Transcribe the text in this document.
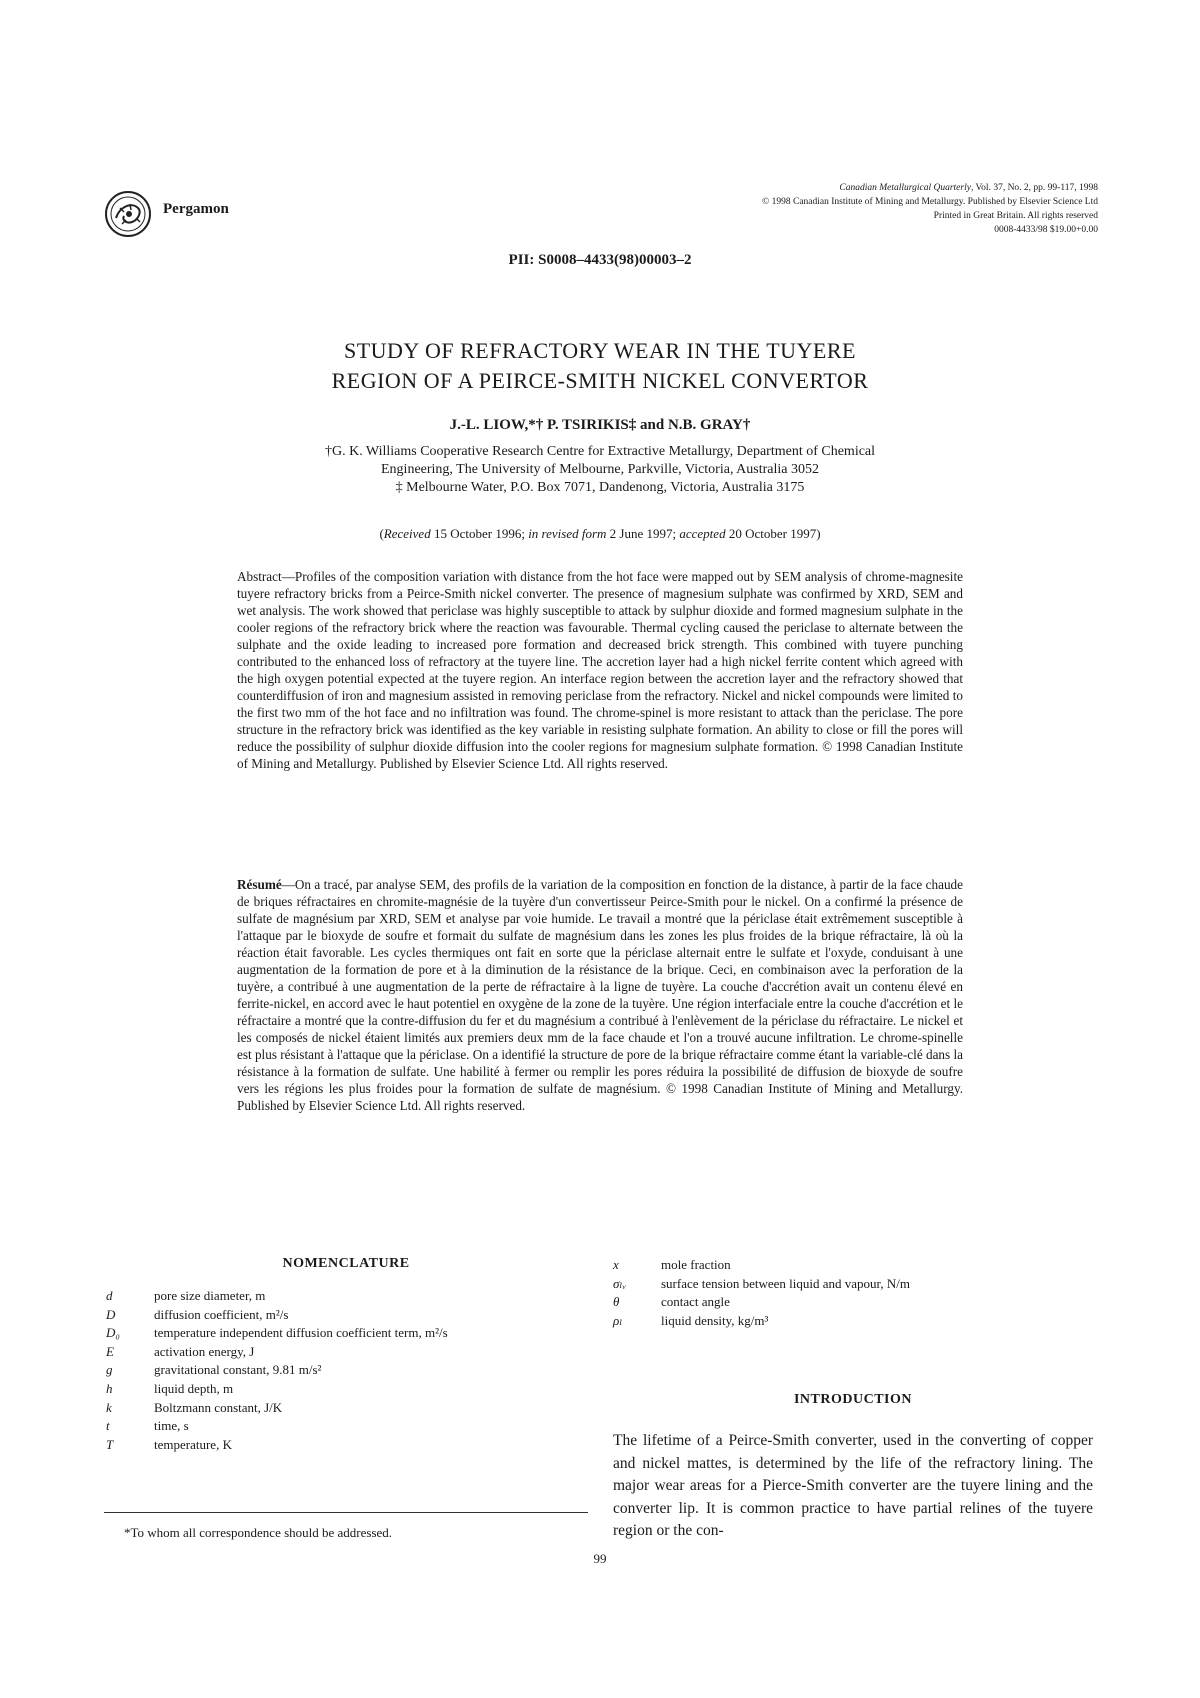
Pergamon
Canadian Metallurgical Quarterly, Vol. 37, No. 2, pp. 99-117, 1998
© 1998 Canadian Institute of Mining and Metallurgy. Published by Elsevier Science Ltd
Printed in Great Britain. All rights reserved
0008-4433/98 $19.00+0.00
PII: S0008–4433(98)00003–2
STUDY OF REFRACTORY WEAR IN THE TUYERE
REGION OF A PEIRCE-SMITH NICKEL CONVERTOR
J.-L. LIOW,*† P. TSIRIKIS‡ and N.B. GRAY†
†G. K. Williams Cooperative Research Centre for Extractive Metallurgy, Department of Chemical
Engineering, The University of Melbourne, Parkville, Victoria, Australia 3052
‡ Melbourne Water, P.O. Box 7071, Dandenong, Victoria, Australia 3175
(Received 15 October 1996; in revised form 2 June 1997; accepted 20 October 1997)

Abstract—Profiles of the composition variation with distance from the hot face were mapped out by SEM analysis of chrome-magnesite tuyere refractory bricks from a Peirce-Smith nickel converter. The presence of magnesium sulphate was confirmed by XRD, SEM and wet analysis. The work showed that periclase was highly susceptible to attack by sulphur dioxide and formed magnesium sulphate in the cooler regions of the refractory brick where the reaction was favourable. Thermal cycling caused the periclase to alternate between the sulphate and the oxide leading to increased pore formation and decreased brick strength. This combined with tuyere punching contributed to the enhanced loss of refractory at the tuyere line. The accretion layer had a high nickel ferrite content which agreed with the high oxygen potential expected at the tuyere region. An interface region between the accretion layer and the refractory showed that counterdiffusion of iron and magnesium assisted in removing periclase from the refractory. Nickel and nickel compounds were limited to the first two mm of the hot face and no infiltration was found. The chrome-spinel is more resistant to attack than the periclase. The pore structure in the refractory brick was identified as the key variable in resisting sulphate formation. An ability to close or fill the pores will reduce the possibility of sulphur dioxide diffusion into the cooler regions for magnesium sulphate formation. © 1998 Canadian Institute of Mining and Metallurgy. Published by Elsevier Science Ltd. All rights reserved.

Résumé—On a tracé, par analyse SEM, des profils de la variation de la composition en fonction de la distance, à partir de la face chaude de briques réfractaires en chromite-magnésie de la tuyère d'un convertisseur Peirce-Smith pour le nickel. On a confirmé la présence de sulfate de magnésium par XRD, SEM et analyse par voie humide. Le travail a montré que la périclase était extrêmement susceptible à l'attaque par le bioxyde de soufre et formait du sulfate de magnésium dans les zones les plus froides de la brique réfractaire, là où la réaction était favorable. Les cycles thermiques ont fait en sorte que la périclase alternait entre le sulfate et l'oxyde, conduisant à une augmentation de la formation de pore et à la diminution de la résistance de la brique. Ceci, en combinaison avec la perforation de la tuyère, a contribué à une augmentation de la perte de réfractaire à la ligne de tuyère. La couche d'accrétion avait un contenu élevé en ferrite-nickel, en accord avec le haut potentiel en oxygène de la zone de la tuyère. Une région interfaciale entre la couche d'accrétion et le réfractaire a montré que la contre-diffusion du fer et du magnésium a contribué à l'enlèvement de la périclase du réfractaire. Le nickel et les composés de nickel étaient limités aux premiers deux mm de la face chaude et l'on a trouvé aucune infiltration. Le chrome-spinelle est plus résistant à l'attaque que la périclase. On a identifié la structure de pore de la brique réfractaire comme étant la variable-clé dans la résistance à la formation de sulfate. Une habilité à fermer ou remplir les pores réduira la possibilité de diffusion de bioxyde de soufre vers les régions les plus froides pour la formation de sulfate de magnésium. © 1998 Canadian Institute of Mining and Metallurgy. Published by Elsevier Science Ltd. All rights reserved.

NOMENCLATURE
d	pore size diameter, m
D	diffusion coefficient, m²/s
D₀	temperature independent diffusion coefficient term, m²/s
E	activation energy, J
g	gravitational constant, 9.81 m/s²
h	liquid depth, m
k	Boltzmann constant, J/K
t	time, s
T	temperature, K
x	mole fraction
σₗᵥ	surface tension between liquid and vapour, N/m
θ	contact angle
ρₗ	liquid density, kg/m³
INTRODUCTION

The lifetime of a Peirce-Smith converter, used in the converting of copper and nickel mattes, is determined by the life of the refractory lining. The major wear areas for a Pierce-Smith converter are the tuyere lining and the converter lip. It is common practice to have partial relines of the tuyere region or the con-

*To whom all correspondence should be addressed.
99
